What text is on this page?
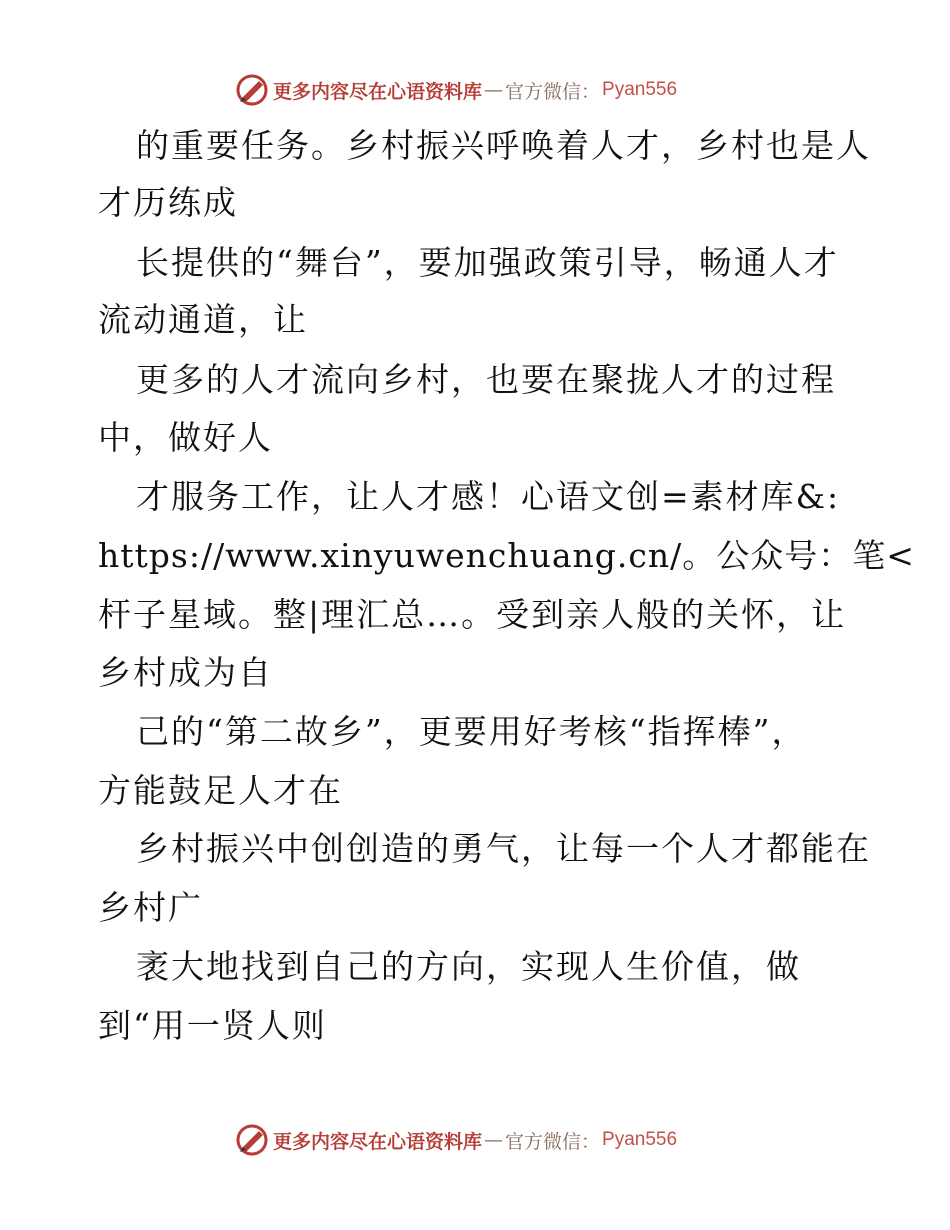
更多内容尽在心语资料库 — 官方微信： Pyan556
的重要任务。乡村振兴呼唤着人才，乡村也是人
才历练成
长提供的“舞台”，要加强政策引导，畅通人才
流动通道，让
更多的人才流向乡村，也要在聚拢人才的过程
中，做好人
才服务工作，让人才感！心语文创=素材库&:
https://www.xinyuwenchuang.cn/。公众号：笔<
杆子星域。整|理汇总…。受到亲人般的关怀，让
乡村成为自
己的“第二故乡”，更要用好考核“指挥棒”，
方能鼓足人才在
乡村振兴中创创造的勇气，让每一个人才都能在
乡村广
袤大地找到自己的方向，实现人生价值，做
到“用一贤人则
更多内容尽在心语资料库 — 官方微信： Pyan556
